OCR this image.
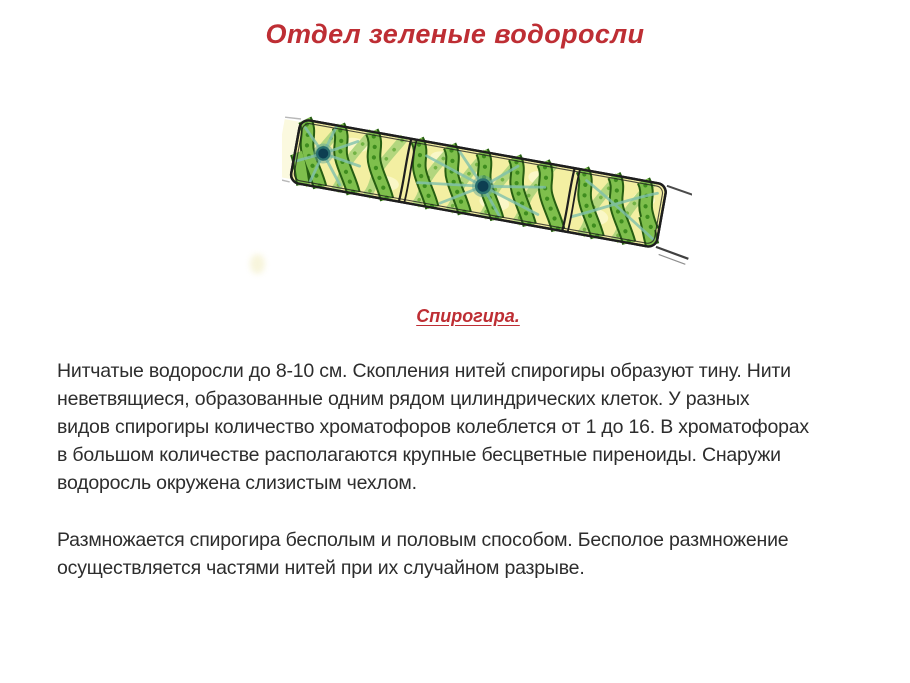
Отдел зеленые водоросли
Спирогира.
Нитчатые водоросли до 8-10 см. Скопления нитей спирогиры образуют тину. Нити
неветвящиеся, образованные одним рядом цилиндрических клеток. У разных
видов спирогиры количество хроматофоров колеблется от 1 до 16. В хроматофорах
в большом количестве располагаются крупные бесцветные пиреноиды. Снаружи
водоросль окружена слизистым чехлом.
Размножается спирогира бесполым и половым способом. Бесполое размножение
осуществляется частями нитей при их случайном разрыве.
